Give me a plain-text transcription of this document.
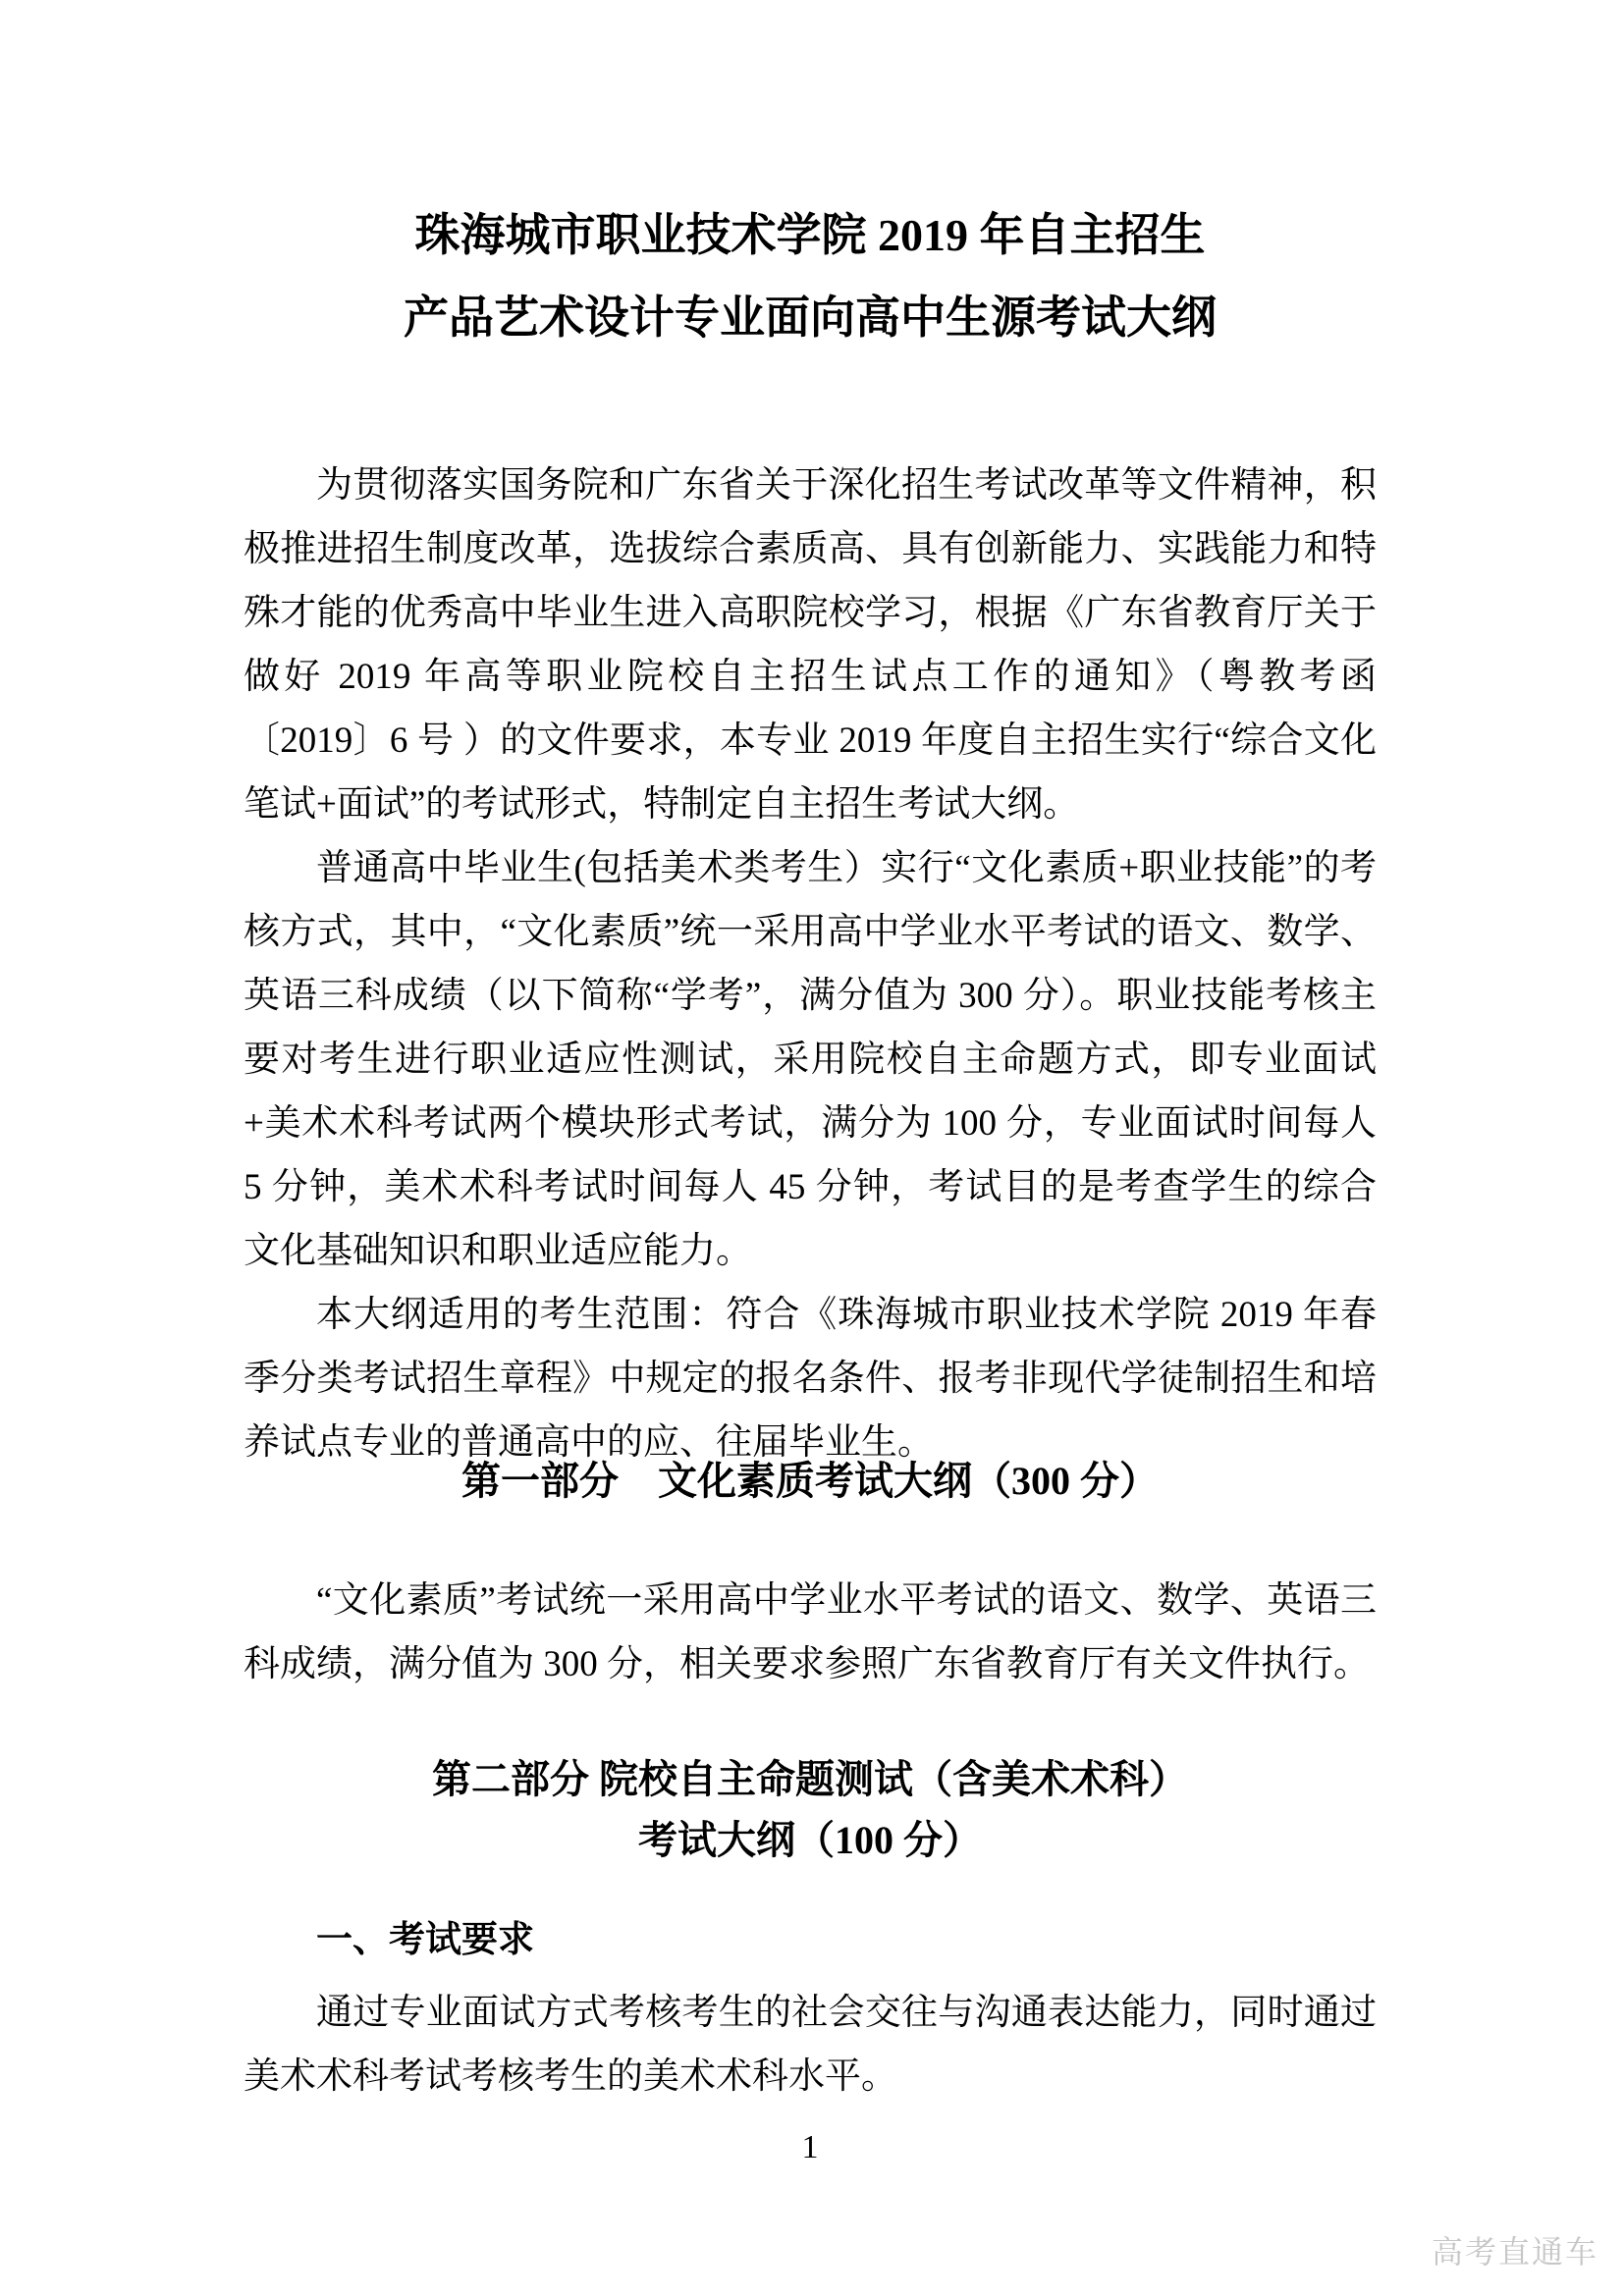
珠海城市职业技术学院 2019 年自主招生
产品艺术设计专业面向高中生源考试大纲

为贯彻落实国务院和广东省关于深化招生考试改革等文件精神，积极推进招生制度改革，选拔综合素质高、具有创新能力、实践能力和特殊才能的优秀高中毕业生进入高职院校学习，根据《广东省教育厅关于做好 2019 年高等职业院校自主招生试点工作的通知》（粤教考函〔2019〕6 号 ）的文件要求，本专业 2019 年度自主招生实行“综合文化笔试+面试”的考试形式，特制定自主招生考试大纲。

普通高中毕业生(包括美术类考生）实行“文化素质+职业技能”的考核方式，其中，“文化素质”统一采用高中学业水平考试的语文、数学、英语三科成绩（以下简称“学考”，满分值为 300 分）。职业技能考核主要对考生进行职业适应性测试，采用院校自主命题方式，即专业面试+美术术科考试两个模块形式考试，满分为 100 分，专业面试时间每人 5 分钟，美术术科考试时间每人 45 分钟，考试目的是考查学生的综合文化基础知识和职业适应能力。

本大纲适用的考生范围：符合《珠海城市职业技术学院 2019 年春季分类考试招生章程》中规定的报名条件、报考非现代学徒制招生和培养试点专业的普通高中的应、往届毕业生。

第一部分　文化素质考试大纲（300 分）

“文化素质”考试统一采用高中学业水平考试的语文、数学、英语三科成绩，满分值为 300 分，相关要求参照广东省教育厅有关文件执行。

第二部分 院校自主命题测试（含美术术科）
考试大纲（100 分）
一、考试要求

通过专业面试方式考核考生的社会交往与沟通表达能力，同时通过美术术科考试考核考生的美术术科水平。

1
高考直通车
